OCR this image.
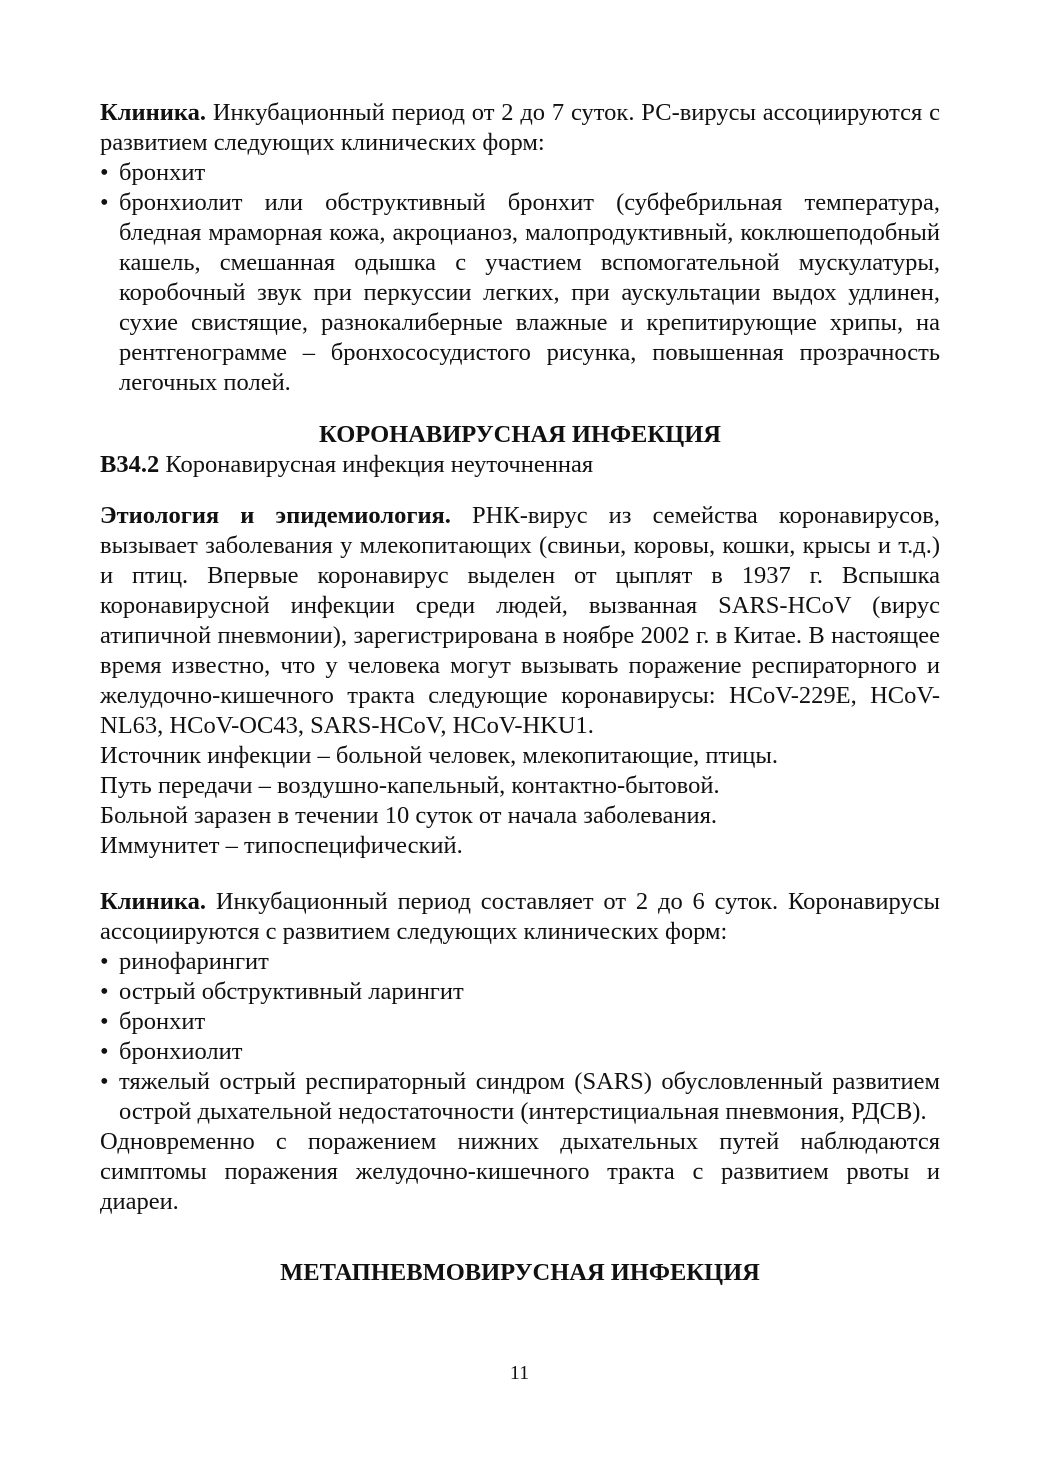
Клиника. Инкубационный период от 2 до 7 суток. РС-вирусы ассоциируются с развитием следующих клинических форм:

• бронхит
• бронхиолит или обструктивный бронхит (субфебрильная температура, бледная мраморная кожа, акроцианоз, малопродуктивный, коклюшеподобный кашель, смешанная одышка с участием вспомогательной мускулатуры, коробочный звук при перкуссии легких, при аускультации выдох удлинен, сухие свистящие, разнокалиберные влажные и крепитирующие хрипы, на рентгенограмме – бронхососудистого рисунка, повышенная прозрачность легочных полей.
КОРОНАВИРУСНАЯ ИНФЕКЦИЯ

B34.2 Коронавирусная инфекция неуточненная

Этиология и эпидемиология. РНК-вирус из семейства коронавирусов, вызывает заболевания у млекопитающих (свиньи, коровы, кошки, крысы и т.д.) и птиц. Впервые коронавирус выделен от цыплят в 1937 г. Вспышка коронавирусной инфекции среди людей, вызванная SARS-HCoV (вирус атипичной пневмонии), зарегистрирована в ноябре 2002 г. в Китае. В настоящее время известно, что у человека могут вызывать поражение респираторного и желудочно-кишечного тракта следующие коронавирусы: HCoV-229E, HCoV-NL63, HCoV-OC43, SARS-HCoV, HCoV-HKU1.

Источник инфекции – больной человек, млекопитающие, птицы.

Путь передачи – воздушно-капельный, контактно-бытовой.

Больной заразен в течении 10 суток от начала заболевания.

Иммунитет – типоспецифический.

Клиника. Инкубационный период составляет от 2 до 6 суток. Коронавирусы ассоциируются с развитием следующих клинических форм:

• ринофарингит
• острый обструктивный ларингит
• бронхит
• бронхиолит
• тяжелый острый респираторный синдром (SARS) обусловленный развитием острой дыхательной недостаточности (интерстициальная пневмония, РДСВ).

Одновременно с поражением нижних дыхательных путей наблюдаются симптомы поражения желудочно-кишечного тракта с развитием рвоты и диареи.

МЕТАПНЕВМОВИРУСНАЯ ИНФЕКЦИЯ
11
